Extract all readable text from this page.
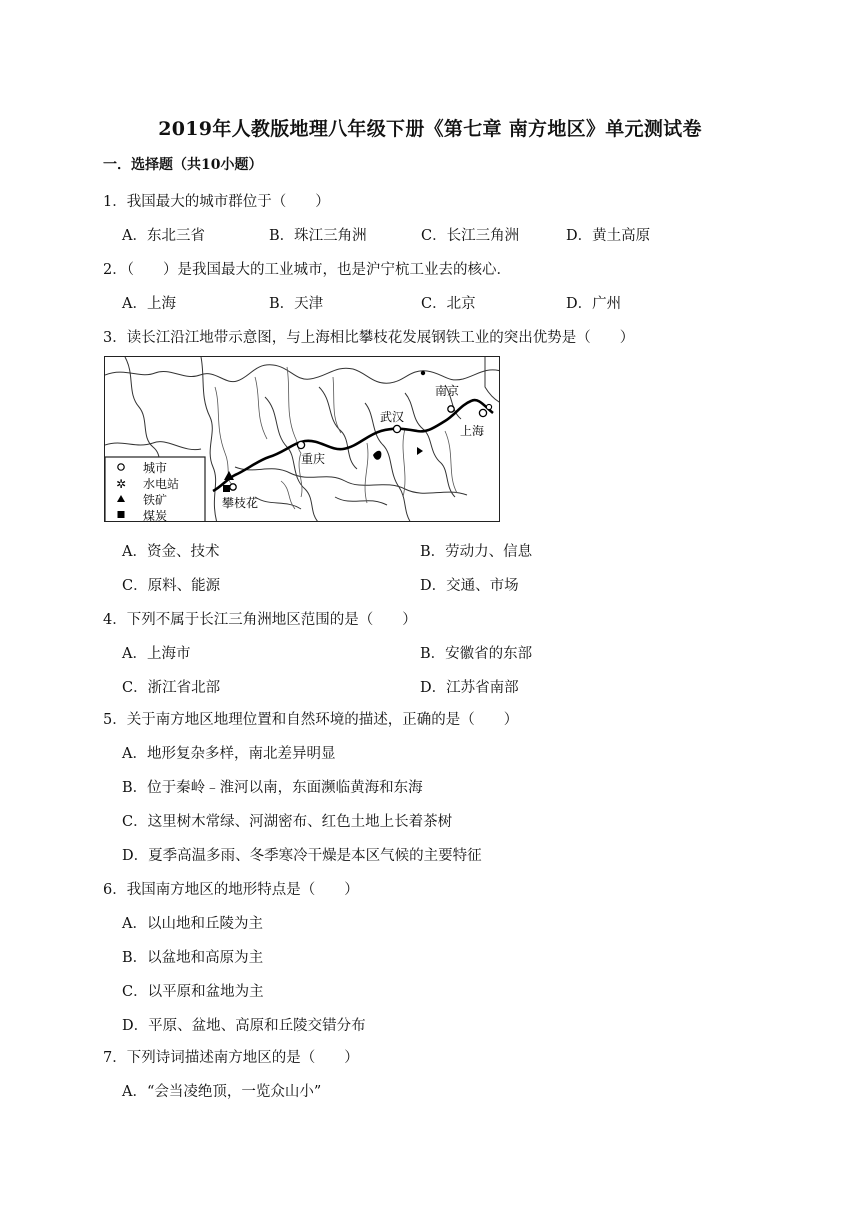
2019年人教版地理八年级下册《第七章 南方地区》单元测试卷
一．选择题（共10小题）
1．我国最大的城市群位于（　　）
A．东北三省	B．珠江三角洲	C．长江三角洲	D．黄土高原
2．（　　）是我国最大的工业城市，也是沪宁杭工业去的核心．
A．上海	B．天津	C．北京	D．广州
3．读长江沿江地带示意图，与上海相比攀枝花发展钢铁工业的突出优势是（　　）
城市
✲ 水电站
铁矿
煤炭
南京
武汉
上海
重庆
攀枝花
A．资金、技术	B．劳动力、信息
C．原料、能源	D．交通、市场
4．下列不属于长江三角洲地区范围的是（　　）
A．上海市	B．安徽省的东部
C．浙江省北部	D．江苏省南部
5．关于南方地区地理位置和自然环境的描述，正确的是（　　）
A．地形复杂多样，南北差异明显
B．位于秦岭﹣淮河以南，东面濒临黄海和东海
C．这里树木常绿、河湖密布、红色土地上长着茶树
D．夏季高温多雨、冬季寒冷干燥是本区气候的主要特征
6．我国南方地区的地形特点是（　　）
A．以山地和丘陵为主
B．以盆地和高原为主
C．以平原和盆地为主
D．平原、盆地、高原和丘陵交错分布
7．下列诗词描述南方地区的是（　　）
A．“会当凌绝顶，一览众山小”
